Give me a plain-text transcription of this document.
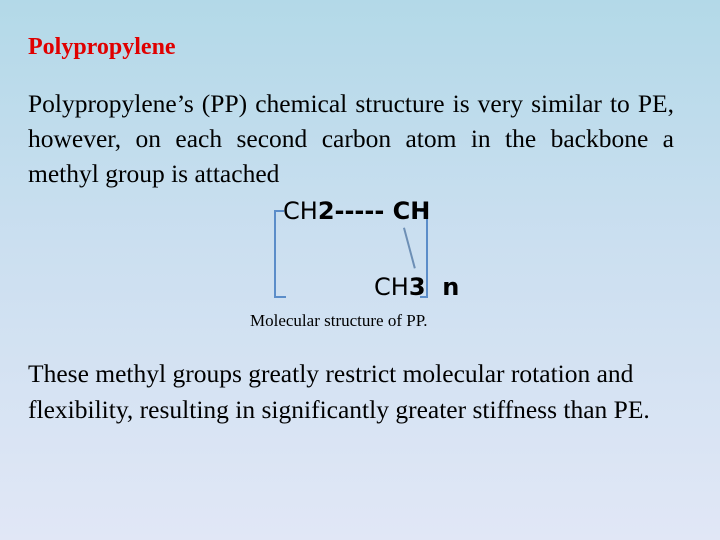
Polypropylene
Polypropylene’s (PP) chemical structure is very similar to PE, however, on each second carbon atom in the backbone a methyl group is attached
CH2----- CH
CH3  n
Molecular structure of PP.
These methyl groups greatly restrict molecular rotation and flexibility, resulting in significantly greater stiffness than PE.
